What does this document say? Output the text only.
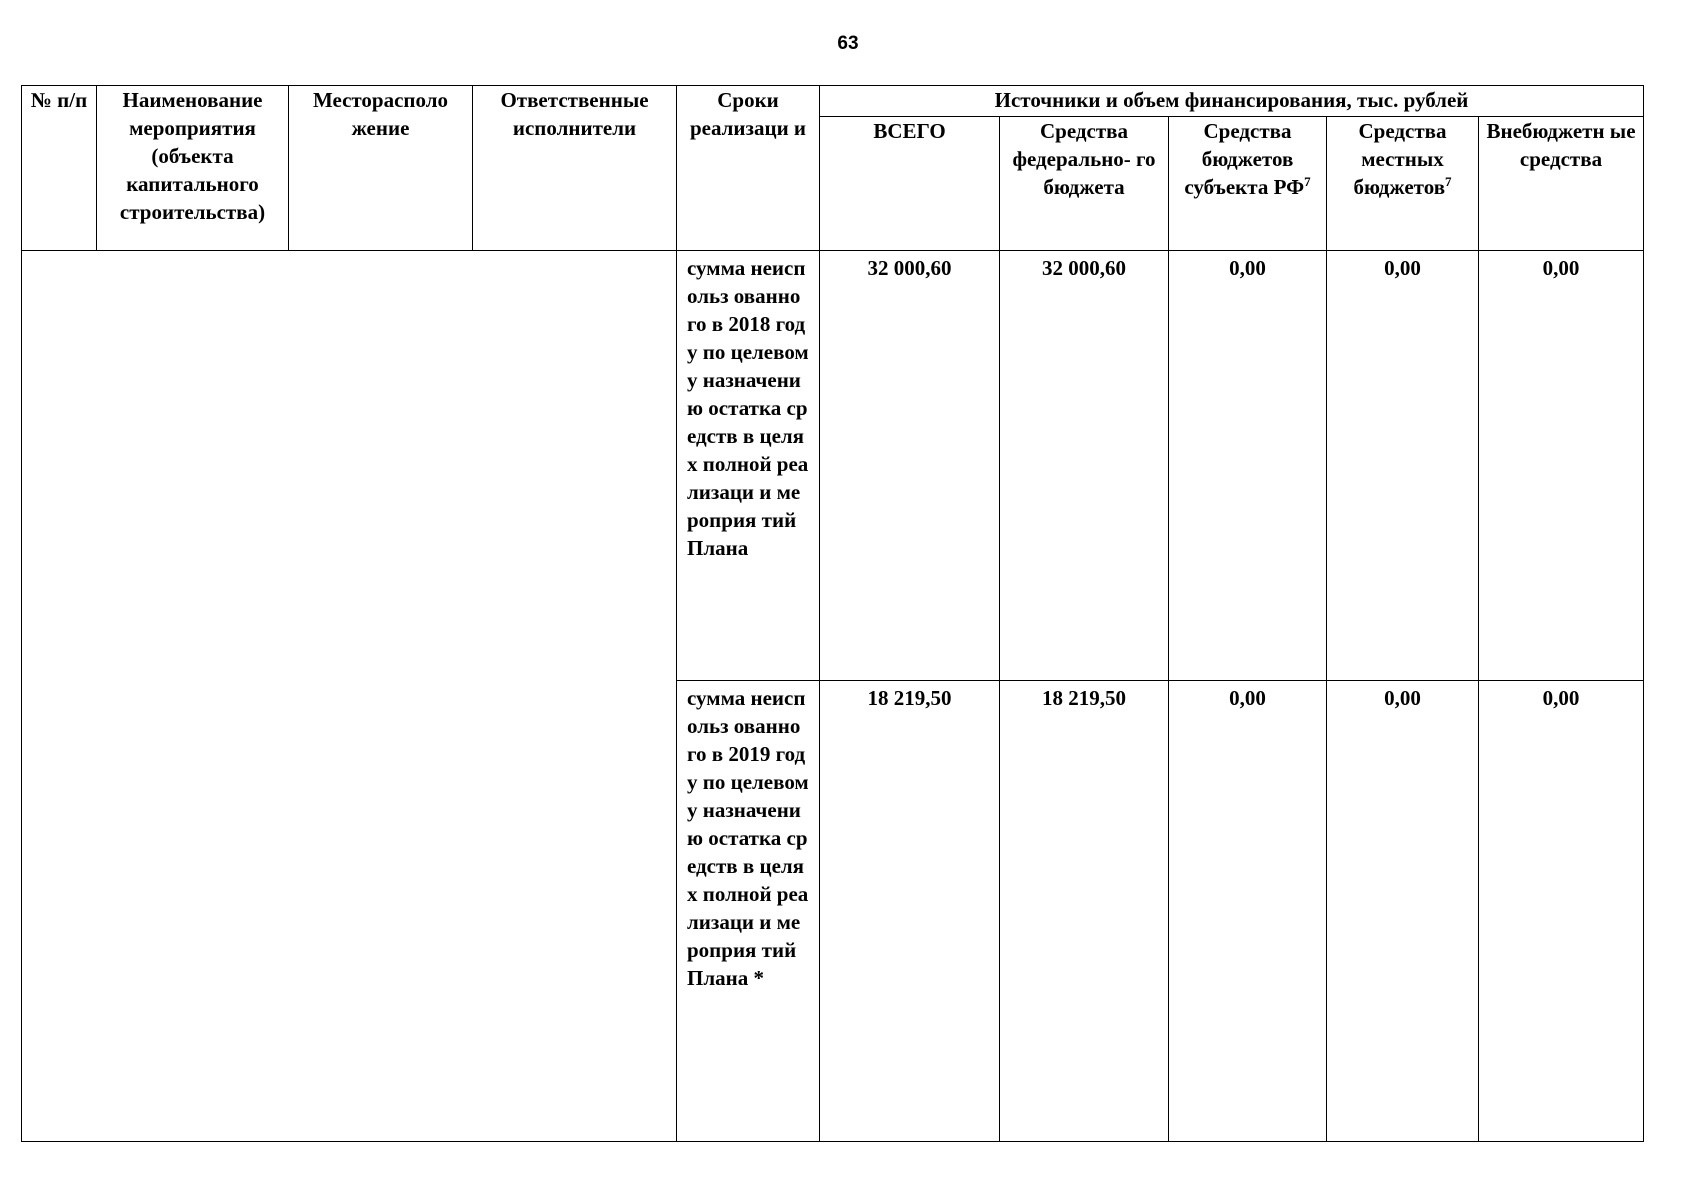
63
№ п/п	Наименование мероприятия (объекта капитального строительства)	Месторасполо жение	Ответственные исполнители	Сроки реализаци и	Источники и объем финансирования, тыс. рублей				
					ВСЕГО	Средства федерально- го бюджета	Средства бюджетов субъекта $РФ^7$	Средства местных бюджетов$^7$	Внебюджетн ые средства
				сумма неиспольз ованного в 2018 году по целевому назначени ю остатка средств в целях полной реализаци и мероприя тий Плана	32 000,60	32 000,60	0,00	0,00	0,00
				сумма неиспольз ованного в 2019 году по целевому назначени ю остатка средств в целях полной реализаци и мероприя тий Плана *	18 219,50	18 219,50	0,00	0,00	0,00
